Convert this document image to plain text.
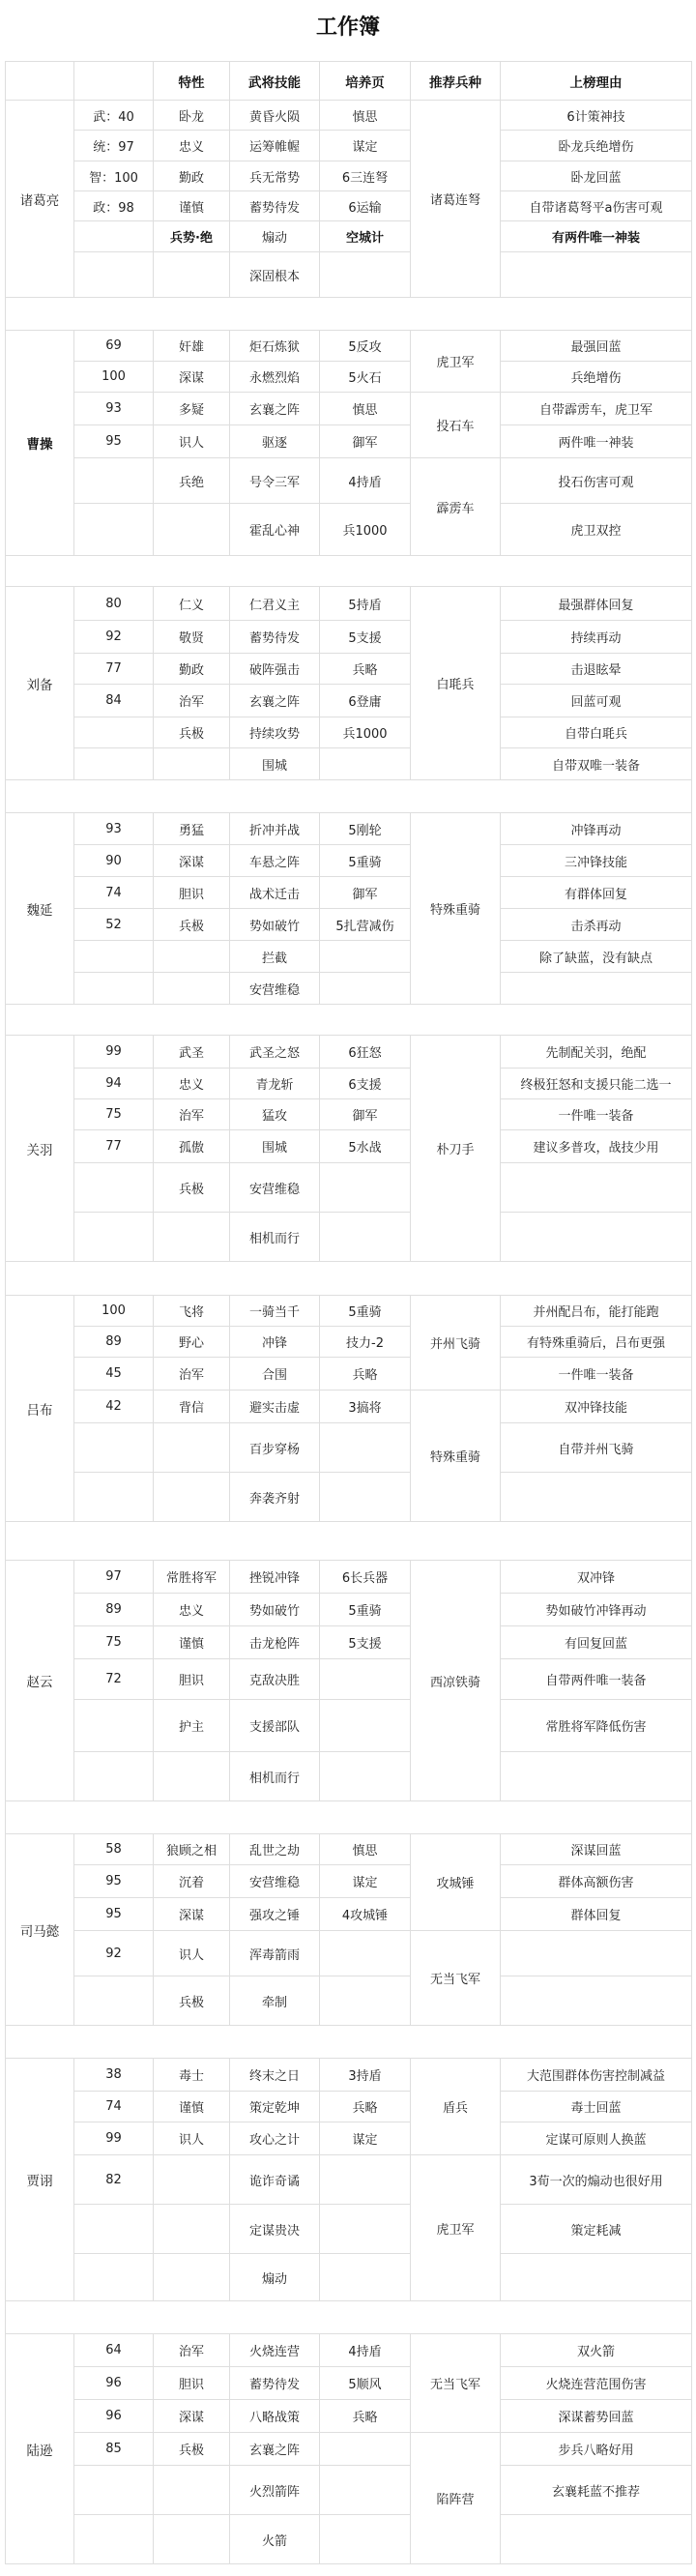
工作簿
		特性	武将技能	培养页	推荐兵种	上榜理由
诸葛亮	武：40	卧龙	黄昏火陨	慎思	诸葛连弩	6计策神技
	统：97	忠义	运筹帷幄	谋定		卧龙兵绝增伤
	智：100	勤政	兵无常势	6三连弩		卧龙回蓝
	政：98	谨慎	蓄势待发	6运输		自带诸葛弩平a伤害可观
		兵势·绝	煽动	空城计		有两件唯一神装
			深固根本			

曹操	69	奸雄	炬石炼狱	5反攻	虎卫军	最强回蓝
	100	深谋	永燃烈焰	5火石		兵绝增伤
	93	多疑	玄襄之阵	慎思	投石车	自带霹雳车，虎卫军
	95	识人	驱逐	御军		两件唯一神装
		兵绝	号令三军	4持盾	霹雳车	投石伤害可观
			霍乱心神	兵1000		虎卫双控

刘备	80	仁义	仁君义主	5持盾	白毦兵	最强群体回复
	92	敬贤	蓄势待发	5支援		持续再动
	77	勤政	破阵强击	兵略		击退眩晕
	84	治军	玄襄之阵	6登庸		回蓝可观
		兵极	持续攻势	兵1000		自带白毦兵
			围城			自带双唯一装备

魏延	93	勇猛	折冲并战	5刚轮	特殊重骑	冲锋再动
	90	深谋	车悬之阵	5重骑		三冲锋技能
	74	胆识	战术迁击	御军		有群体回复
	52	兵极	势如破竹	5扎营减伤		击杀再动
			拦截			除了缺蓝，没有缺点
			安营维稳			

关羽	99	武圣	武圣之怒	6狂怒	朴刀手	先制配关羽，绝配
	94	忠义	青龙斩	6支援		终极狂怒和支援只能二选一
	75	治军	猛攻	御军		一件唯一装备
	77	孤傲	围城	5水战		建议多普攻，战技少用
		兵极	安营维稳			
			相机而行			

吕布	100	飞将	一骑当千	5重骑	并州飞骑	并州配吕布，能打能跑
	89	野心	冲锋	技力-2		有特殊重骑后，吕布更强
	45	治军	合围	兵略		一件唯一装备
	42	背信	避实击虚	3搞将	特殊重骑	双冲锋技能
			百步穿杨			自带并州飞骑
			奔袭齐射			

赵云	97	常胜将军	挫锐冲锋	6长兵器	西凉铁骑	双冲锋
	89	忠义	势如破竹	5重骑		势如破竹冲锋再动
	75	谨慎	击龙枪阵	5支援		有回复回蓝
	72	胆识	克敌决胜			自带两件唯一装备
		护主	支援部队			常胜将军降低伤害
			相机而行			

司马懿	58	狼顾之相	乱世之劫	慎思	攻城锤	深谋回蓝
	95	沉着	安营维稳	谋定		群体高额伤害
	95	深谋	强攻之锤	4攻城锤		群体回复
	92	识人	浑毒箭雨		无当飞军	
		兵极	牵制			

贾诩	38	毒士	终末之日	3持盾	盾兵	大范围群体伤害控制减益
	74	谨慎	策定乾坤	兵略		毒士回蓝
	99	识人	攻心之计	谋定		定谋可原则人换蓝
	82		诡诈奇谲		虎卫军	3荀一次的煽动也很好用
			定谋贵决			策定耗减
			煽动			

陆逊	64	治军	火烧连营	4持盾	无当飞军	双火箭
	96	胆识	蓄势待发	5顺风		火烧连营范围伤害
	96	深谋	八略战策	兵略		深谋蓄势回蓝
	85	兵极	玄襄之阵		陷阵营	步兵八略好用
			火烈箭阵			玄襄耗蓝不推荐
			火箭			
